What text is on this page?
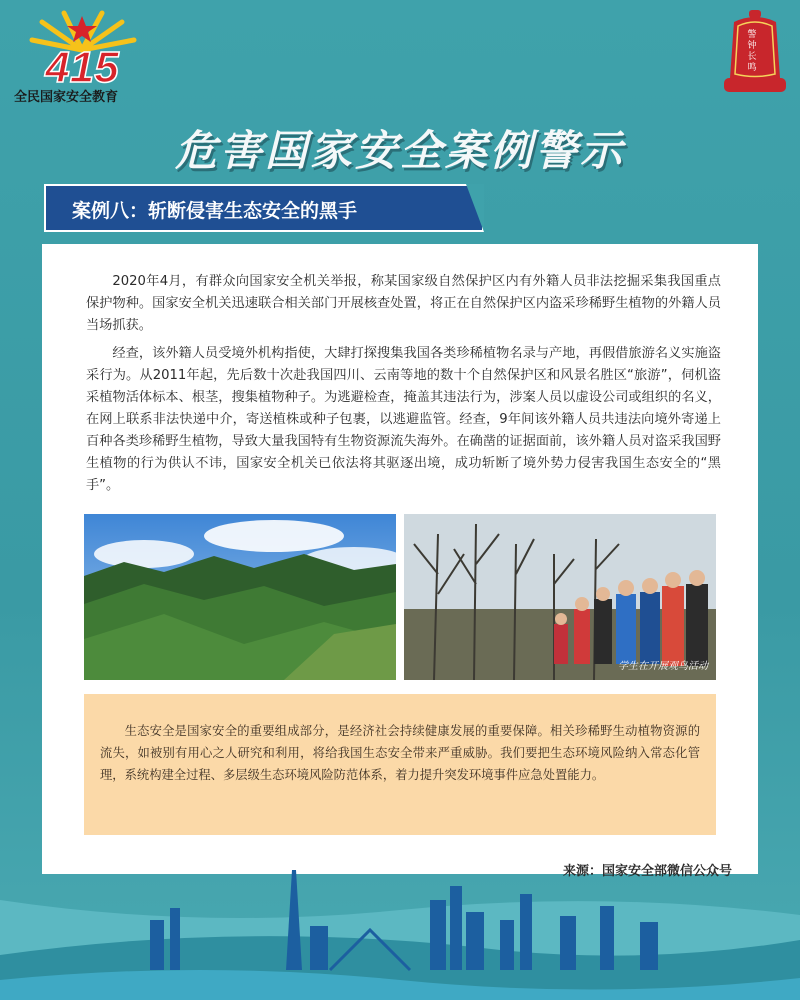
415
全民国家安全教育
警
钟
长
鸣
危害国家安全案例警示
案例八：斩断侵害生态安全的黑手

2020年4月，有群众向国家安全机关举报，称某国家级自然保护区内有外籍人员非法挖掘采集我国重点保护物种。国家安全机关迅速联合相关部门开展核查处置，将正在自然保护区内盗采珍稀野生植物的外籍人员当场抓获。

经查，该外籍人员受境外机构指使，大肆打探搜集我国各类珍稀植物名录与产地，再假借旅游名义实施盗采行为。从2011年起，先后数十次赴我国四川、云南等地的数十个自然保护区和风景名胜区“旅游”，伺机盗采植物活体标本、根茎，搜集植物种子。为逃避检查，掩盖其违法行为，涉案人员以虚设公司或组织的名义，在网上联系非法快递中介，寄送植株或种子包裹，以逃避监管。经查，9年间该外籍人员共违法向境外寄递上百种各类珍稀野生植物，导致大量我国特有生物资源流失海外。在确凿的证据面前，该外籍人员对盗采我国野生植物的行为供认不讳，国家安全机关已依法将其驱逐出境，成功斩断了境外势力侵害我国生态安全的“黑手”。

学生在开展观鸟活动

生态安全是国家安全的重要组成部分，是经济社会持续健康发展的重要保障。相关珍稀野生动植物资源的流失，如被别有用心之人研究和利用，将给我国生态安全带来严重威胁。我们要把生态环境风险纳入常态化管理，系统构建全过程、多层级生态环境风险防范体系，着力提升突发环境事件应急处置能力。

来源：国家安全部微信公众号
